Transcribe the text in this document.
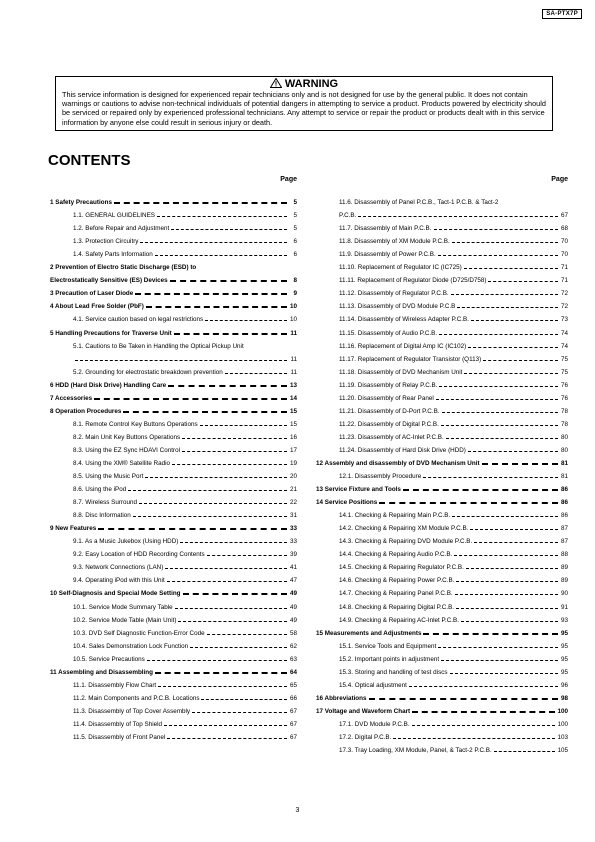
SA-PTX7P
WARNING
This service information is designed for experienced repair technicians only and is not designed for use by the general public. It does not contain warnings or cautions to advise non-technical individuals of potential dangers in attempting to service a product. Products powered by electricity should be serviced or repaired only by experienced professional technicians. Any attempt to service or repair the product or products dealt with in this service information by anyone else could result in serious injury or death.
CONTENTS
Page
1 Safety Precautions	5
1.1. GENERAL GUIDELINES	5
1.2. Before Repair and Adjustment	5
1.3. Protection Circuitry	6
1.4. Safety Parts Information	6
2 Prevention of Electro Static Discharge (ESD) to
Electrostatically Sensitive (ES) Devices	8
3 Precaution of Laser Diode	9
4 About Lead Free Solder (PbF)	10
4.1. Service caution based on legal restrictions	10
5 Handling Precautions for Traverse Unit	11
5.1. Cautions to Be Taken in Handling the Optical Pickup Unit
11
5.2. Grounding for electrostatic breakdown prevention	11
6 HDD (Hard Disk Drive) Handling Care	13
7 Accessories	14
8 Operation Procedures	15
8.1. Remote Control Key Buttons Operations	15
8.2. Main Unit Key Buttons Operations	16
8.3. Using the EZ Sync HDAVI Control	17
8.4. Using the XM® Satellite Radio	19
8.5. Using the Music Port	20
8.6. Using the iPod	21
8.7. Wireless Surround	22
8.8. Disc Information	31
9 New Features	33
9.1. As a Music Jukebox (Using HDD)	33
9.2. Easy Location of HDD Recording Contents	39
9.3. Network Connections (LAN)	41
9.4. Operating iPod with this Unit	47
10 Self-Diagnosis and Special Mode Setting	49
10.1. Service Mode Summary Table	49
10.2. Service Mode Table (Main Unit)	49
10.3. DVD Self Diagnostic Function-Error Code	58
10.4. Sales Demonstration Lock Function	62
10.5. Service Precautions	63
11 Assembling and Disassembling	64
11.1. Disassembly Flow Chart	65
11.2. Main Components and P.C.B. Locations	66
11.3. Disassembly of Top Cover Assembly	67
11.4. Disassembly of Top Shield	67
11.5. Disassembly of Front Panel	67
Page
11.6. Disassembly of Panel P.C.B., Tact-1 P.C.B. & Tact-2
P.C.B.	67
11.7. Disassembly of Main P.C.B.	68
11.8. Disassembly of XM Module P.C.B.	70
11.9. Disassembly of Power P.C.B.	70
11.10. Replacement of Regulator IC (IC725)	71
11.11. Replacement of Regulator Diode (D725/D758)	71
11.12. Disassembly of Regulator P.C.B.	72
11.13. Disassembly of DVD Module P.C.B	72
11.14. Disassembly of Wireless Adapter P.C.B.	73
11.15. Disassembly of Audio P.C.B.	74
11.16. Replacement of Digital Amp IC (IC102)	74
11.17. Replacement of Regulator Transistor (Q113)	75
11.18. Disassembly of DVD Mechanism Unit	75
11.19. Disassembly of Relay P.C.B.	76
11.20. Disassembly of Rear Panel	76
11.21. Disassembly of D-Port P.C.B.	78
11.22. Disassembly of Digital P.C.B.	78
11.23. Disassembly of AC-Inlet P.C.B.	80
11.24. Disassembly of Hard Disk Drive (HDD)	80
12 Assembly and disassembly of DVD Mechanism Unit	81
12.1. Disassembly Procedure	81
13 Service Fixture and Tools	86
14 Service Positions	86
14.1. Checking & Repairing Main P.C.B.	86
14.2. Checking & Repairing XM Module P.C.B.	87
14.3. Checking & Repairing DVD Module P.C.B.	87
14.4. Checking & Repairing Audio P.C.B.	88
14.5. Checking & Repairing Regulator P.C.B.	89
14.6. Checking & Repairing Power P.C.B.	89
14.7. Checking & Repairing Panel P.C.B.	90
14.8. Checking & Repairing Digital P.C.B.	91
14.9. Checking & Repairing AC-Inlet P.C.B.	93
15 Measurements and Adjustments	95
15.1. Service Tools and Equipment	95
15.2. Important points in adjustment	95
15.3. Storing and handling of test discs	95
15.4. Optical adjustment	96
16 Abbreviations	98
17 Voltage and Waveform Chart	100
17.1. DVD Module P.C.B.	100
17.2. Digital P.C.B.	103
17.3. Tray Loading, XM Module, Panel, & Tact-2 P.C.B.	105
3
